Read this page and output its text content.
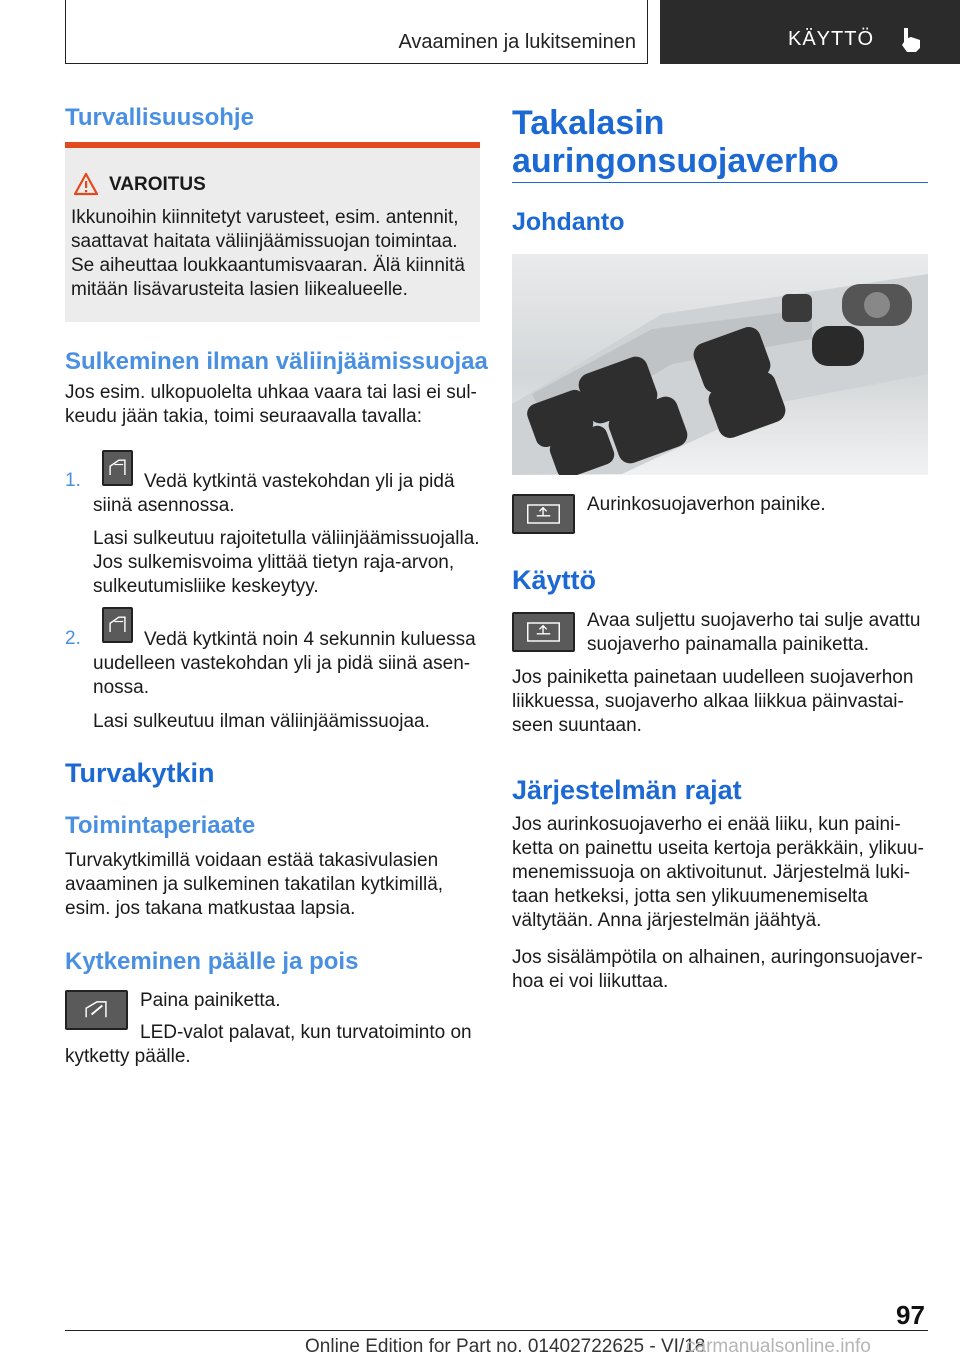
Avaaminen ja lukitseminen	KÄYTTÖ
Turvallisuusohje
VAROITUS
Ikkunoihin kiinnitetyt varusteet, esim. antennit,
saattavat haitata väliinjäämissuojan toimintaa.
Se aiheuttaa loukkaantumisvaaran. Älä kiinnitä
mitään lisävarusteita lasien liikealueelle.
Sulkeminen ilman väliinjäämissuojaa
Jos esim. ulkopuolelta uhkaa vaara tai lasi ei sul-
keudu jään takia, toimi seuraavalla tavalla:
1.	Vedä kytkintä vastekohdan yli ja pidä
siinä asennossa.
Lasi sulkeutuu rajoitetulla väliinjäämissuojalla.
Jos sulkemisvoima ylittää tietyn raja-arvon,
sulkeutumisliike keskeytyy.
2.	Vedä kytkintä noin 4 sekunnin kuluessa
uudelleen vastekohdan yli ja pidä siinä asen-
nossa.
Lasi sulkeutuu ilman väliinjäämissuojaa.
Turvakytkin
Toimintaperiaate
Turvakytkimillä voidaan estää takasivulasien
avaaminen ja sulkeminen takatilan kytkimillä,
esim. jos takana matkustaa lapsia.
Kytkeminen päälle ja pois
Paina painiketta.
LED-valot palavat, kun turvatoiminto on
kytketty päälle.
Takalasin
auringonsuojaverho
Johdanto
Aurinkosuojaverhon painike.
Käyttö
Avaa suljettu suojaverho tai sulje avattu
suojaverho painamalla painiketta.
Jos painiketta painetaan uudelleen suojaverhon
liikkuessa, suojaverho alkaa liikkua päinvastai-
seen suuntaan.
Järjestelmän rajat
Jos aurinkosuojaverho ei enää liiku, kun paini-
ketta on painettu useita kertoja peräkkäin, ylikuu-
menemissuoja on aktivoitunut. Järjestelmä luki-
taan hetkeksi, jotta sen ylikuumenemiselta
vältytään. Anna järjestelmän jäähtyä.
Jos sisälämpötila on alhainen, auringonsuojaver-
hoa ei voi liikuttaa.
97
Online Edition for Part no. 01402722625 - VI/18
carmanualsonline.info
